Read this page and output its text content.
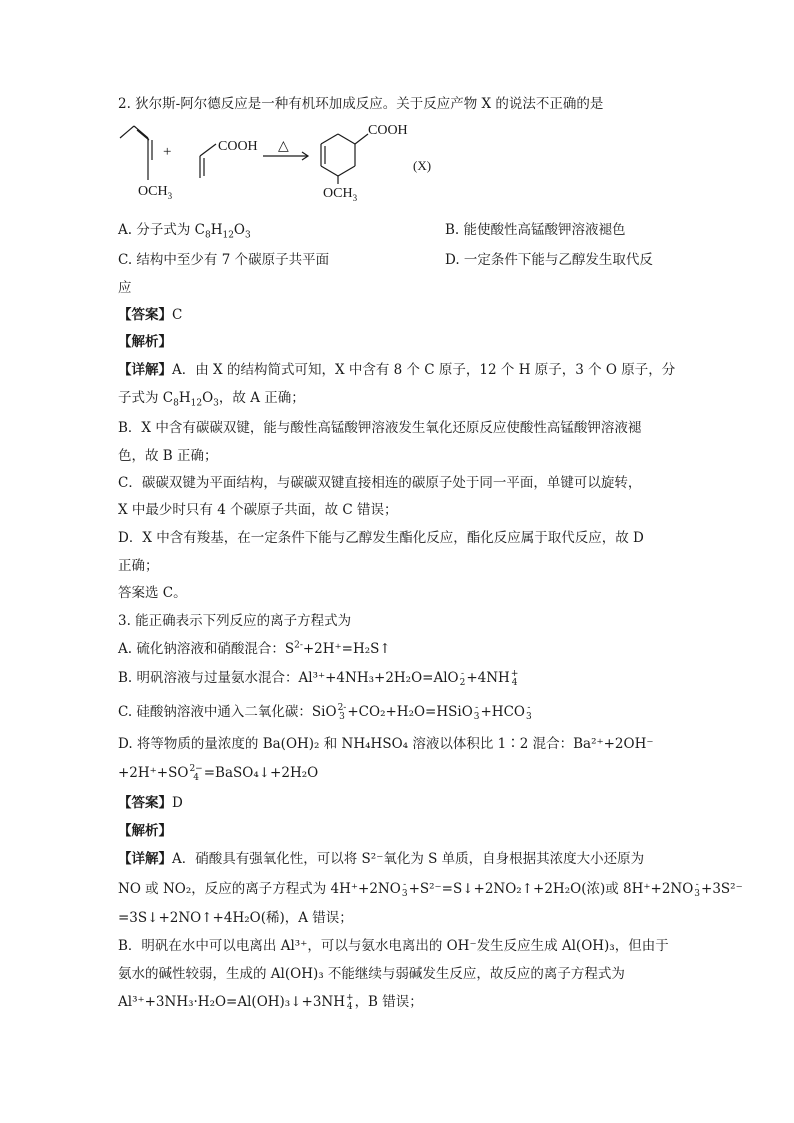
2. 狄尔斯-阿尔德反应是一种有机环加成反应。关于反应产物 X 的说法不正确的是
$OCH_3$
+	COOH △
COOH
$OCH_3$
(X)
A. 分子式为 $C_8H_{12}O_3$	B. 能使酸性高锰酸钾溶液褪色
C. 结构中至少有 7 个碳原子共平面	D. 一定条件下能与乙醇发生取代反
应
【答案】C
【解析】
【详解】A．由 X 的结构简式可知，X 中含有 8 个 C 原子，12 个 H 原子，3 个 O 原子，分
子式为 $C_8H_{12}O_3$，故 A 正确；
B．X 中含有碳碳双键，能与酸性高锰酸钾溶液发生氧化还原反应使酸性高锰酸钾溶液褪
色，故 B 正确；
C．碳碳双键为平面结构，与碳碳双键直接相连的碳原子处于同一平面，单键可以旋转，
X 中最少时只有 4 个碳原子共面，故 C 错误；
D．X 中含有羧基，在一定条件下能与乙醇发生酯化反应，酯化反应属于取代反应，故 D
正确；
答案选 C。
3. 能正确表示下列反应的离子方程式为
A. 硫化钠溶液和硝酸混合：$S^{2-}+2H^+=H_2S↑$
B. 明矾溶液与过量氨水混合：Al³⁺+4NH₃+2H₂O=AlO -
2 +4NH +
4
C. 硅酸钠溶液中通入二氧化碳：SiO 2-
3 +CO₂+H₂O=HSiO -
3 +HCO -
3
D. 将等物质的量浓度的 Ba(OH)₂ 和 NH₄HSO₄ 溶液以体积比 1∶2 混合：Ba²⁺+2OH⁻
+2H⁺+SO 2−
4 =BaSO₄↓+2H₂O
【答案】D
【解析】
【详解】A．硝酸具有强氧化性，可以将 S²⁻氧化为 S 单质，自身根据其浓度大小还原为
NO 或 NO₂，反应的离子方程式为 4H⁺+2NO -
3 +S²⁻=S↓+2NO₂↑+2H₂O(浓)或 8H⁺+2NO -
3 +3S²⁻
=3S↓+2NO↑+4H₂O(稀)，A 错误；
B．明矾在水中可以电离出 Al³⁺，可以与氨水电离出的 OH⁻发生反应生成 Al(OH)₃，但由于
氨水的碱性较弱，生成的 Al(OH)₃ 不能继续与弱碱发生反应，故反应的离子方程式为
Al³⁺+3NH₃·H₂O=Al(OH)₃↓+3NH +
4 ，B 错误；
